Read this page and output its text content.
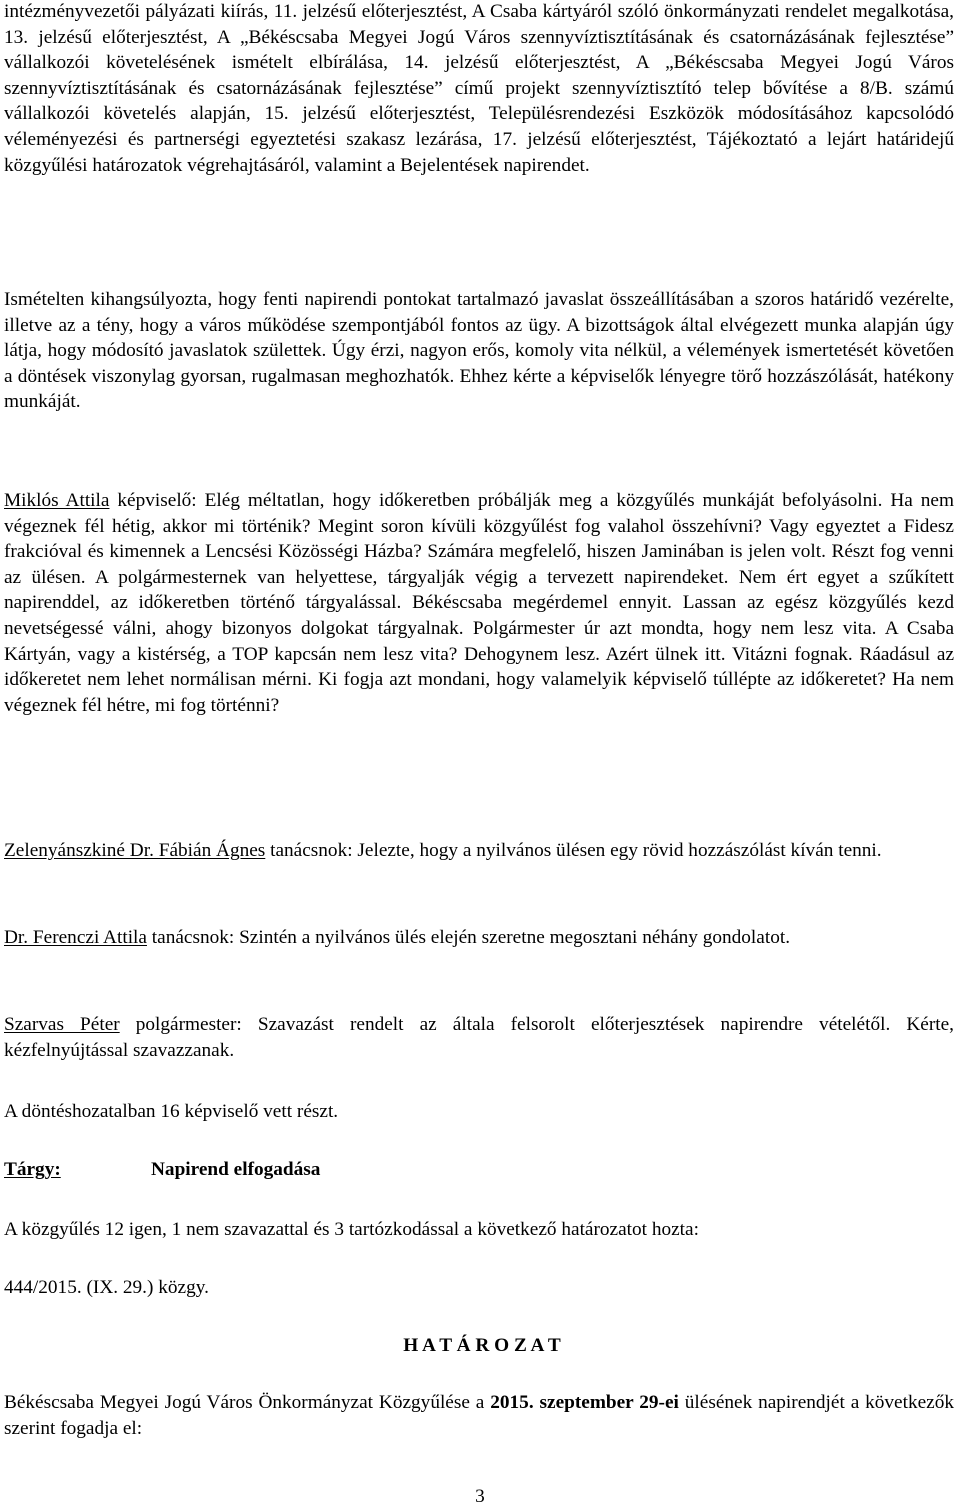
intézményvezetői pályázati kiírás, 11. jelzésű előterjesztést, A Csaba kártyáról szóló önkormányzati rendelet megalkotása, 13. jelzésű előterjesztést, A „Békéscsaba Megyei Jogú Város szennyvíztisztításának és csatornázásának fejlesztése” vállalkozói követelésének ismételt elbírálása, 14. jelzésű előterjesztést, A „Békéscsaba Megyei Jogú Város szennyvíztisztításának és csatornázásának fejlesztése” című projekt szennyvíztisztító telep bővítése a 8/B. számú vállalkozói követelés alapján, 15. jelzésű előterjesztést, Településrendezési Eszközök módosításához kapcsolódó véleményezési és partnerségi egyeztetési szakasz lezárása, 17. jelzésű előterjesztést, Tájékoztató a lejárt határidejű közgyűlési határozatok végrehajtásáról, valamint a Bejelentések napirendet.

Ismételten kihangsúlyozta, hogy fenti napirendi pontokat tartalmazó javaslat összeállításában a szoros határidő vezérelte, illetve az a tény, hogy a város működése szempontjából fontos az ügy. A bizottságok által elvégezett munka alapján úgy látja, hogy módosító javaslatok születtek. Úgy érzi, nagyon erős, komoly vita nélkül, a vélemények ismertetését követően a döntések viszonylag gyorsan, rugalmasan meghozhatók. Ehhez kérte a képviselők lényegre törő hozzászólását, hatékony munkáját.

Miklós Attila képviselő: Elég méltatlan, hogy időkeretben próbálják meg a közgyűlés munkáját befolyásolni. Ha nem végeznek fél hétig, akkor mi történik? Megint soron kívüli közgyűlést fog valahol összehívni? Vagy egyeztet a Fidesz frakcióval és kimennek a Lencsési Közösségi Házba? Számára megfelelő, hiszen Jaminában is jelen volt. Részt fog venni az ülésen. A polgármesternek van helyettese, tárgyalják végig a tervezett napirendeket. Nem ért egyet a szűkített napirenddel, az időkeretben történő tárgyalással. Békéscsaba megérdemel ennyit. Lassan az egész közgyűlés kezd nevetségessé válni, ahogy bizonyos dolgokat tárgyalnak. Polgármester úr azt mondta, hogy nem lesz vita. A Csaba Kártyán, vagy a kistérség, a TOP kapcsán nem lesz vita? Dehogynem lesz. Azért ülnek itt. Vitázni fognak. Ráadásul az időkeretet nem lehet normálisan mérni. Ki fogja azt mondani, hogy valamelyik képviselő túllépte az időkeretet? Ha nem végeznek fél hétre, mi fog történni?

Zelenyánszkiné Dr. Fábián Ágnes tanácsnok: Jelezte, hogy a nyilvános ülésen egy rövid hozzászólást kíván tenni.

Dr. Ferenczi Attila tanácsnok: Szintén a nyilvános ülés elején szeretne megosztani néhány gondolatot.

Szarvas Péter polgármester: Szavazást rendelt az általa felsorolt előterjesztések napirendre vételétől. Kérte, kézfelnyújtással szavazzanak.

A döntéshozatalban 16 képviselő vett részt.

Tárgy:	Napirend elfogadása

A közgyűlés 12 igen, 1 nem szavazattal és 3 tartózkodással a következő határozatot hozta:

444/2015. (IX. 29.) közgy.

H A T Á R O Z A T

Békéscsaba Megyei Jogú Város Önkormányzat Közgyűlése a 2015. szeptember 29-ei ülésének napirendjét a következők szerint fogadja el:

3
